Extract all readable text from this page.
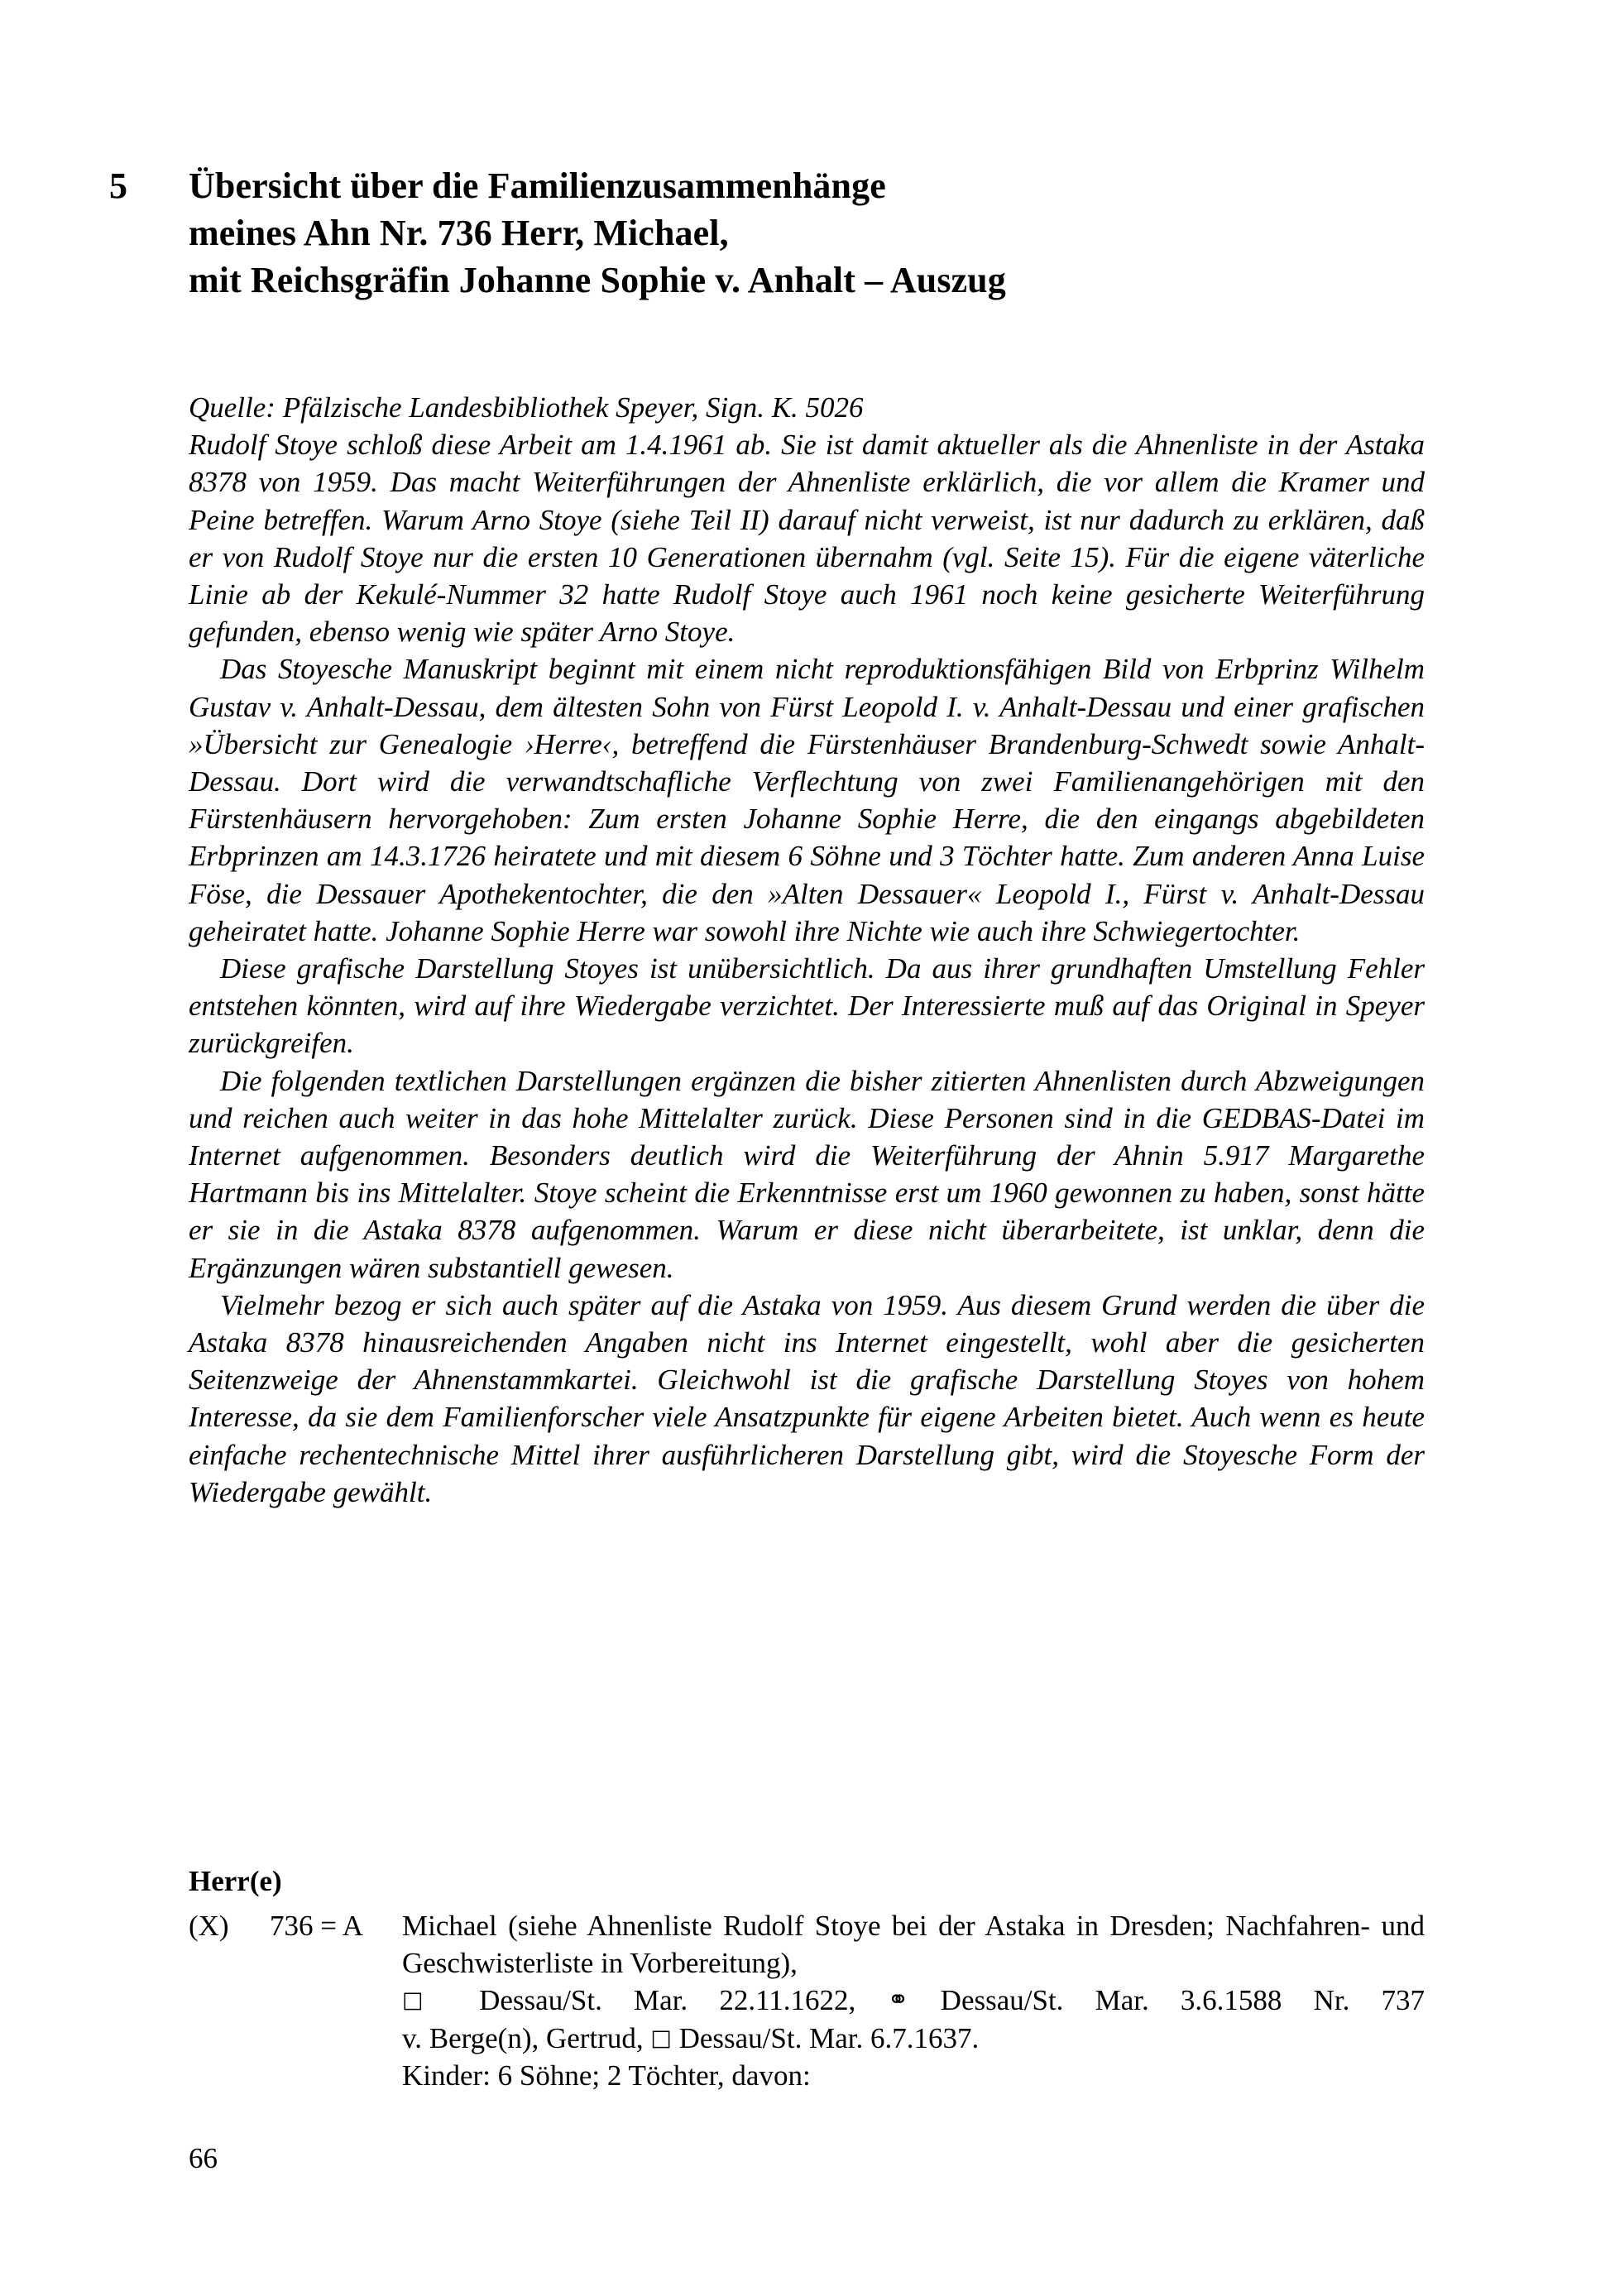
5 Übersicht über die Familienzusammenhänge
meines Ahn Nr. 736 Herr, Michael,
mit Reichsgräfin Johanne Sophie v. Anhalt – Auszug

Quelle: Pfälzische Landesbibliothek Speyer, Sign. K. 5026

Rudolf Stoye schloß diese Arbeit am 1.4.1961 ab. Sie ist damit aktueller als die Ahnenliste in der Astaka 8378 von 1959. Das macht Weiterführungen der Ahnenliste erklärlich, die vor allem die Kramer und Peine betreffen. Warum Arno Stoye (siehe Teil II) darauf nicht verweist, ist nur dadurch zu erklären, daß er von Rudolf Stoye nur die ersten 10 Generationen übernahm (vgl. Seite 15). Für die eigene väterliche Linie ab der Kekulé-Nummer 32 hatte Rudolf Stoye auch 1961 noch keine gesicherte Weiterführung gefunden, ebenso wenig wie später Arno Stoye.

Das Stoyesche Manuskript beginnt mit einem nicht reproduktionsfähigen Bild von Erbprinz Wilhelm Gustav v. Anhalt-Dessau, dem ältesten Sohn von Fürst Leopold I. v. Anhalt-Dessau und einer grafischen »Übersicht zur Genealogie ›Herre‹, betreffend die Fürstenhäuser Brandenburg-Schwedt sowie Anhalt-Dessau. Dort wird die verwandtschafliche Verflechtung von zwei Familienangehörigen mit den Fürstenhäusern hervorgehoben: Zum ersten Johanne Sophie Herre, die den eingangs abgebildeten Erbprinzen am 14.3.1726 heiratete und mit diesem 6 Söhne und 3 Töchter hatte. Zum anderen Anna Luise Föse, die Dessauer Apothekentochter, die den »Alten Dessauer« Leopold I., Fürst v. Anhalt-Dessau geheiratet hatte. Johanne Sophie Herre war sowohl ihre Nichte wie auch ihre Schwiegertochter.

Diese grafische Darstellung Stoyes ist unübersichtlich. Da aus ihrer grundhaften Umstellung Fehler entstehen könnten, wird auf ihre Wiedergabe verzichtet. Der Interessierte muß auf das Original in Speyer zurückgreifen.

Die folgenden textlichen Darstellungen ergänzen die bisher zitierten Ahnenlisten durch Abzweigungen und reichen auch weiter in das hohe Mittelalter zurück. Diese Personen sind in die GEDBAS-Datei im Internet aufgenommen. Besonders deutlich wird die Weiterführung der Ahnin 5.917 Margarethe Hartmann bis ins Mittelalter. Stoye scheint die Erkenntnisse erst um 1960 gewonnen zu haben, sonst hätte er sie in die Astaka 8378 aufgenommen. Warum er diese nicht überarbeitete, ist unklar, denn die Ergänzungen wären substantiell gewesen.

Vielmehr bezog er sich auch später auf die Astaka von 1959. Aus diesem Grund werden die über die Astaka 8378 hinausreichenden Angaben nicht ins Internet eingestellt, wohl aber die gesicherten Seitenzweige der Ahnenstammkartei. Gleichwohl ist die grafische Darstellung Stoyes von hohem Interesse, da sie dem Familienforscher viele Ansatzpunkte für eigene Arbeiten bietet. Auch wenn es heute einfache rechentechnische Mittel ihrer ausführlicheren Darstellung gibt, wird die Stoyesche Form der Wiedergabe gewählt.

Herr(e)
(X)	736 = A	Michael (siehe Ahnenliste Rudolf Stoye bei der Astaka in Dresden; Nachfahren- und Geschwisterliste in Vorbereitung),
□ Dessau/St. Mar. 22.11.1622, ⚭ Dessau/St. Mar. 3.6.1588 Nr. 737
v. Berge(n), Gertrud, □ Dessau/St. Mar. 6.7.1637.
Kinder: 6 Söhne; 2 Töchter, davon:
66
